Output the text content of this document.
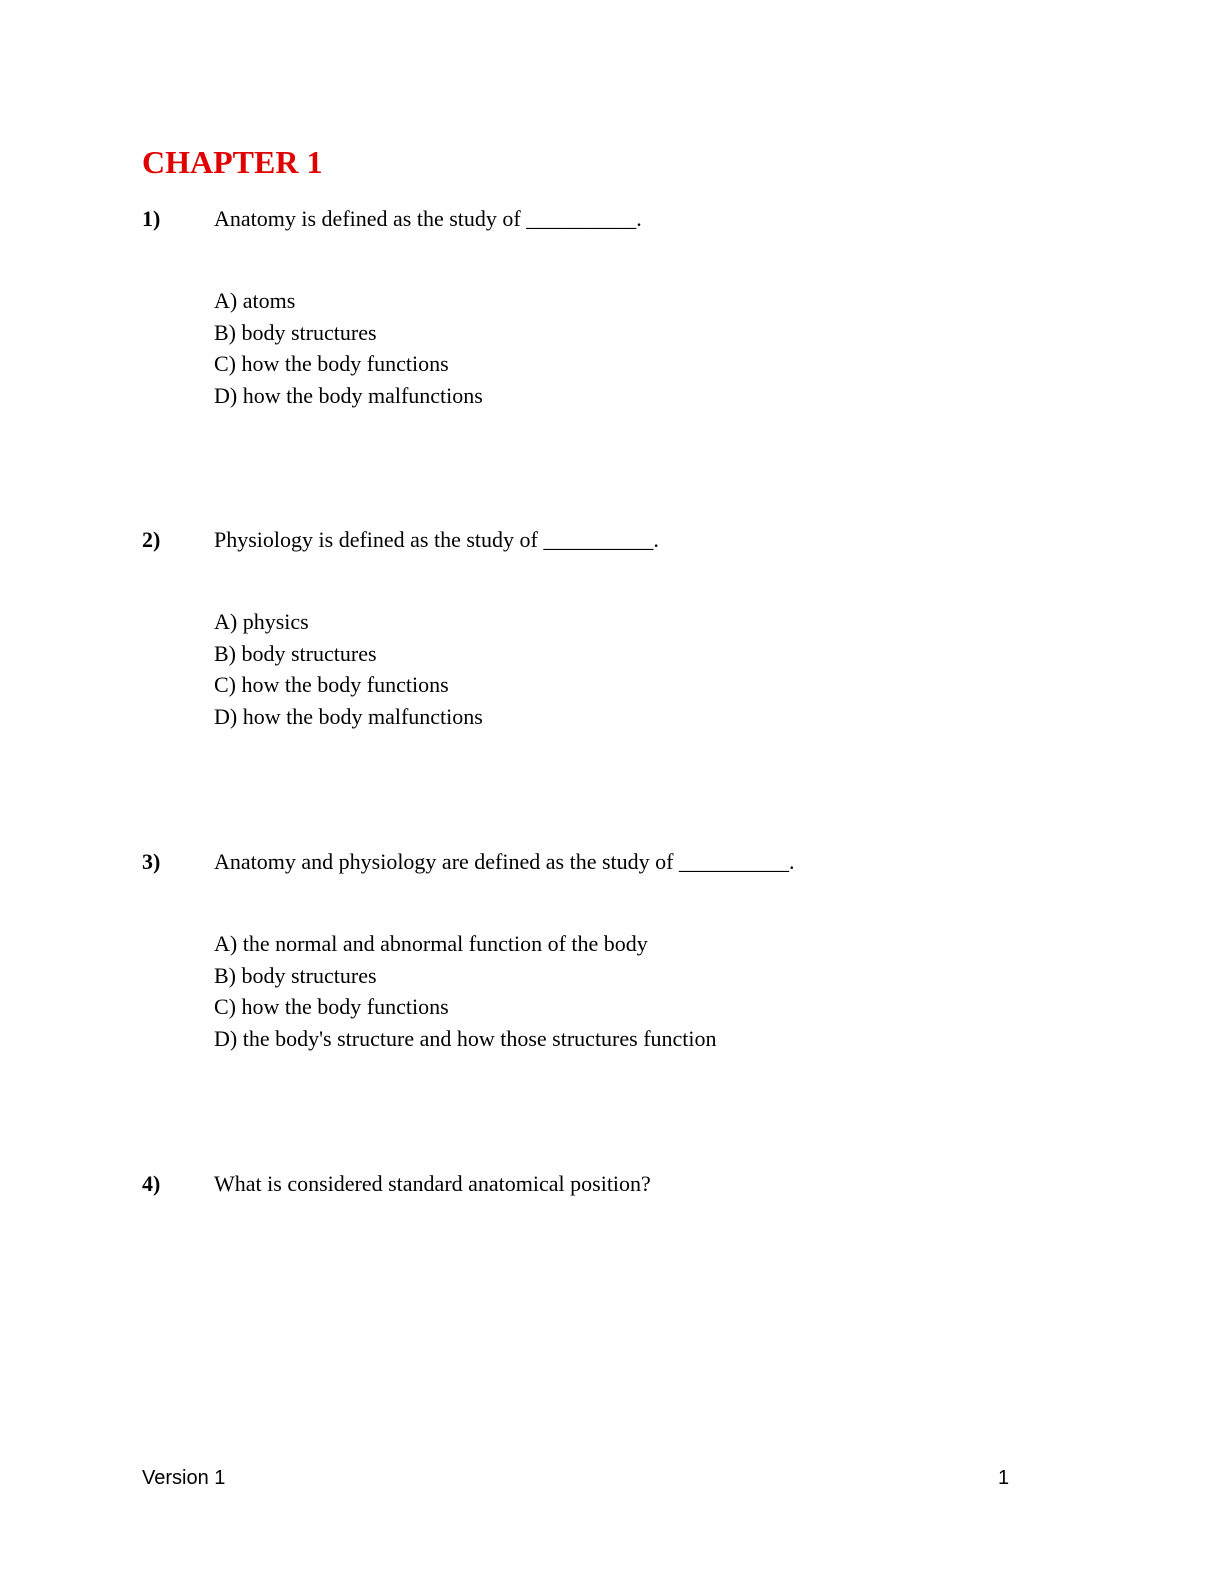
CHAPTER 1
1) Anatomy is defined as the study of __________.
A) atoms
B) body structures
C) how the body functions
D) how the body malfunctions
2) Physiology is defined as the study of __________.
A) physics
B) body structures
C) how the body functions
D) how the body malfunctions
3) Anatomy and physiology are defined as the study of __________.
A) the normal and abnormal function of the body
B) body structures
C) how the body functions
D) the body's structure and how those structures function
4) What is considered standard anatomical position?
Version 1	1
